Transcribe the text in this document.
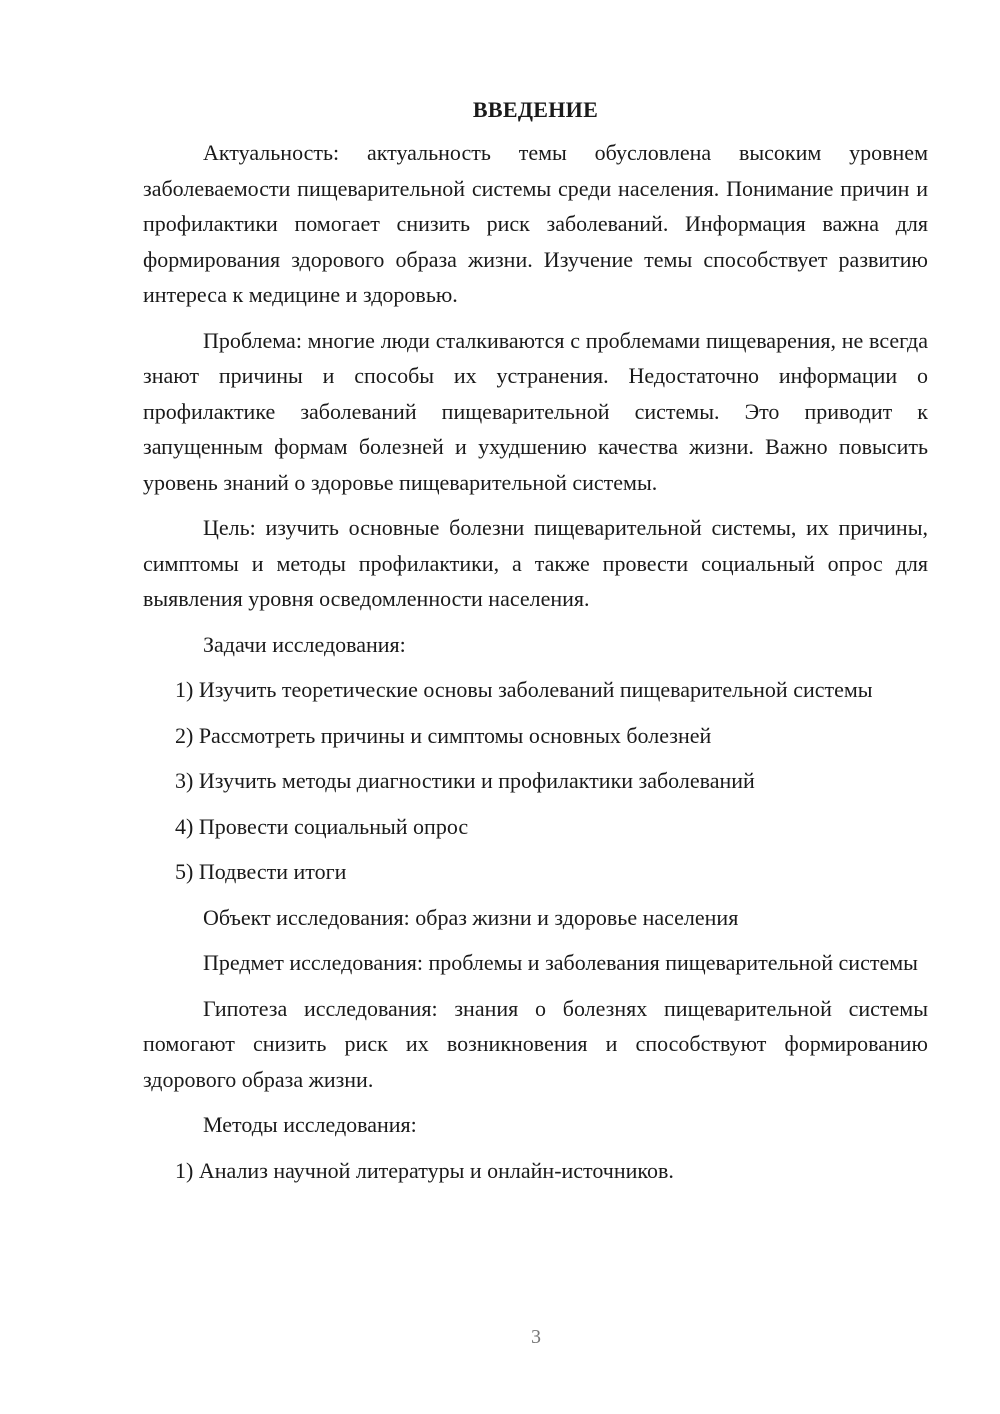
ВВЕДЕНИЕ

Актуальность: актуальность темы обусловлена высоким уровнем заболеваемости пищеварительной системы среди населения. Понимание причин и профилактики помогает снизить риск заболеваний. Информация важна для формирования здорового образа жизни. Изучение темы способствует развитию интереса к медицине и здоровью.

Проблема: многие люди сталкиваются с проблемами пищеварения, не всегда знают причины и способы их устранения. Недостаточно информации о профилактике заболеваний пищеварительной системы. Это приводит к запущенным формам болезней и ухудшению качества жизни. Важно повысить уровень знаний о здоровье пищеварительной системы.

Цель: изучить основные болезни пищеварительной системы, их причины, симптомы и методы профилактики, а также провести социальный опрос для выявления уровня осведомленности населения.

Задачи исследования:

1) Изучить теоретические основы заболеваний пищеварительной системы

2) Рассмотреть причины и симптомы основных болезней

3) Изучить методы диагностики и профилактики заболеваний

4) Провести социальный опрос

5) Подвести итоги

Объект исследования: образ жизни и здоровье населения

Предмет исследования: проблемы и заболевания пищеварительной системы

Гипотеза исследования: знания о болезнях пищеварительной системы помогают снизить риск их возникновения и способствуют формированию здорового образа жизни.

Методы исследования:

1) Анализ научной литературы и онлайн-источников.

3
